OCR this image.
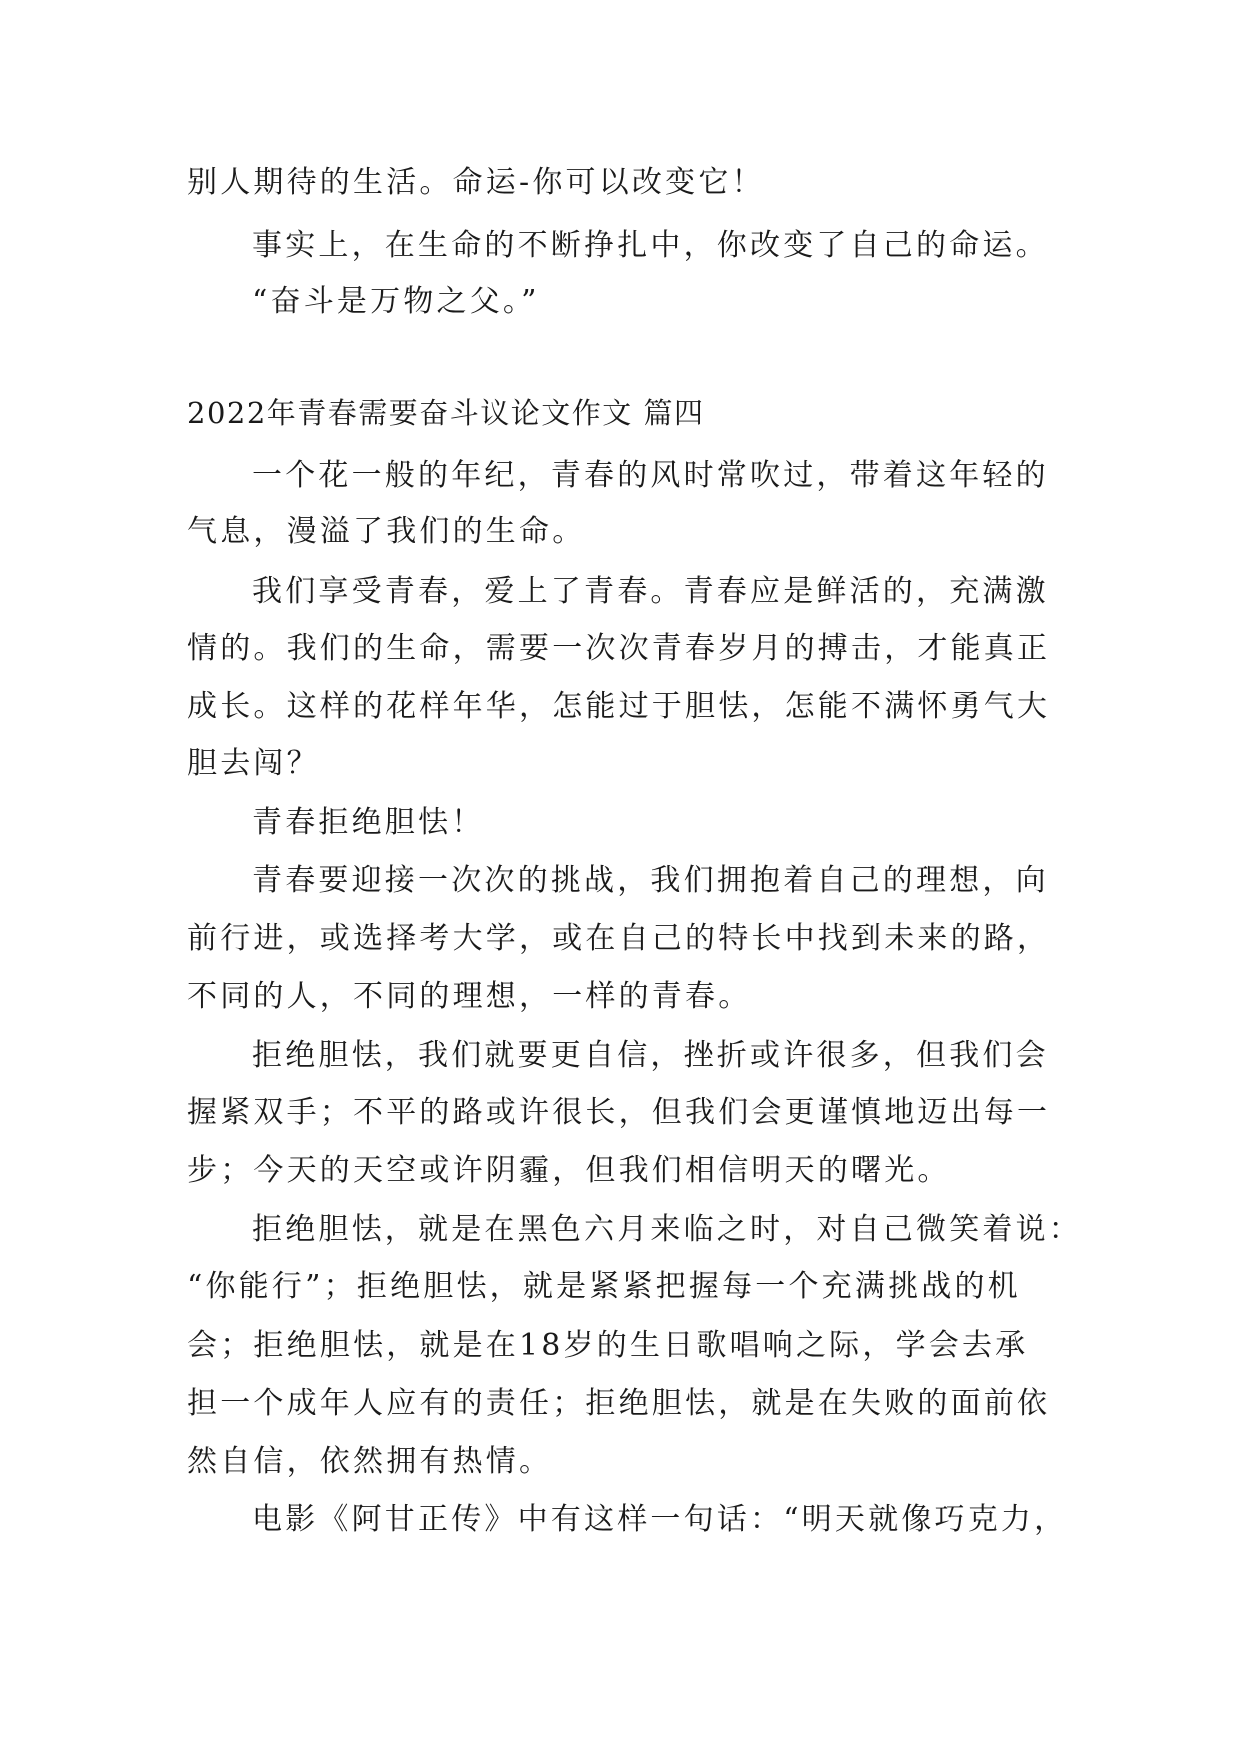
别人期待的生活。命运-你可以改变它！
事实上，在生命的不断挣扎中，你改变了自己的命运。
“奋斗是万物之父。”
2022年青春需要奋斗议论文作文 篇四
一个花一般的年纪，青春的风时常吹过，带着这年轻的
气息，漫溢了我们的生命。
我们享受青春，爱上了青春。青春应是鲜活的，充满激
情的。我们的生命，需要一次次青春岁月的搏击，才能真正
成长。这样的花样年华，怎能过于胆怯，怎能不满怀勇气大
胆去闯？
青春拒绝胆怯！
青春要迎接一次次的挑战，我们拥抱着自己的理想，向
前行进，或选择考大学，或在自己的特长中找到未来的路，
不同的人，不同的理想，一样的青春。
拒绝胆怯，我们就要更自信，挫折或许很多，但我们会
握紧双手；不平的路或许很长，但我们会更谨慎地迈出每一
步；今天的天空或许阴霾，但我们相信明天的曙光。
拒绝胆怯，就是在黑色六月来临之时，对自己微笑着说：
“你能行”；拒绝胆怯，就是紧紧把握每一个充满挑战的机
会；拒绝胆怯，就是在18岁的生日歌唱响之际，学会去承
担一个成年人应有的责任；拒绝胆怯，就是在失败的面前依
然自信，依然拥有热情。
电影《阿甘正传》中有这样一句话：“明天就像巧克力，
